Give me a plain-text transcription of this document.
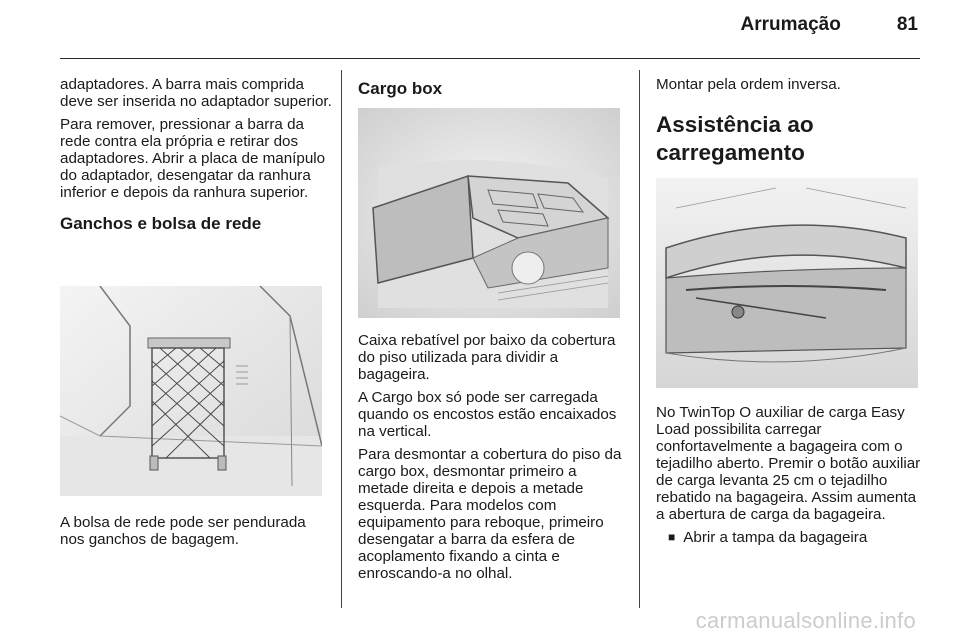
Arrumação	81

adaptadores. A barra mais comprida deve ser inserida no adaptador superior.

Para remover, pressionar a barra da rede contra ela própria e retirar dos adaptadores. Abrir a placa de manípulo do adaptador, desengatar da ranhura inferior e depois da ranhura superior.

Ganchos e bolsa de rede

A bolsa de rede pode ser pendurada nos ganchos de bagagem.

Cargo box

Caixa rebatível por baixo da cobertura do piso utilizada para dividir a bagageira.

A Cargo box só pode ser carregada quando os encostos estão encaixados na vertical.

Para desmontar a cobertura do piso da cargo box, desmontar primeiro a metade direita e depois a metade esquerda. Para modelos com equipamento para reboque, primeiro desengatar a barra da esfera de acoplamento fixando a cinta e enroscando-a no olhal.

Montar pela ordem inversa.

Assistência ao carregamento

No TwinTop O auxiliar de carga Easy Load possibilita carregar confortavelmente a bagageira com o tejadilho aberto. Premir o botão auxiliar de carga levanta 25 cm o tejadilho rebatido na bagageira. Assim aumenta a abertura de carga da bagageira.

■ Abrir a tampa da bagageira
carmanualsonline.info
